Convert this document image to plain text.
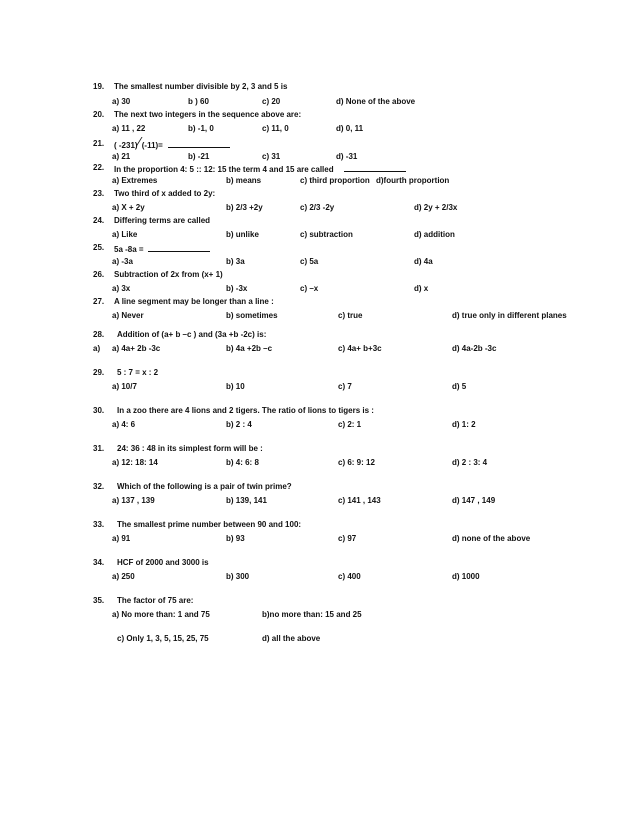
19. The smallest number divisible by 2, 3 and 5 is
a) 30	b ) 60	c) 20	d) None of the above
20. The next two integers in the sequence above are:
a) 11 , 22	b) -1, 0	c) 11, 0	d) 0, 11
21. ( -231)⁄(-11)=
a) 21	b) -21	c) 31	d) -31
22. In the proportion 4: 5 :: 12: 15 the term 4 and 15 are called
a) Extremes	b) means	c) third proportion d)fourth proportion
23. Two third of x added to 2y:
a) X + 2y	b) 2/3 +2y	c) 2/3 -2y	d) 2y + 2/3x
24. Differing terms are called
a) Like	b) unlike	c) subtraction	d) addition
25. 5a -8a =
a) -3a	b) 3a	c) 5a	d) 4a
26. Subtraction of 2x from (x+ 1)
a) 3x	b) -3x	c) –x	d) x
27. A line segment may be longer than a line :
a) Never	b) sometimes	c) true	d) true only in different planes
28. Addition of (a+ b –c ) and (3a +b -2c) is:
a) a) 4a+ 2b -3c	b) 4a +2b –c	c) 4a+ b+3c	d) 4a-2b -3c
29. 5 : 7 = x : 2
a) 10/7	b) 10	c) 7	d) 5
30. In a zoo there are 4 lions and 2 tigers. The ratio of lions to tigers is :
a) 4: 6	b) 2 : 4	c) 2: 1	d) 1: 2
31. 24: 36 : 48 in its simplest form will be :
a) 12: 18: 14	b) 4: 6: 8	c) 6: 9: 12	d) 2 : 3: 4
32. Which of the following is a pair of twin prime?
a) 137 , 139	b) 139, 141	c) 141 , 143	d) 147 , 149
33. The smallest prime number between 90 and 100:
a) 91	b) 93	c) 97	d) none of the above
34. HCF of 2000 and 3000 is
a) 250	b) 300	c) 400	d) 1000
35. The factor of 75 are:
a) No more than: 1 and 75	b)no more than: 15 and 25
c) Only 1, 3, 5, 15, 25, 75	d) all the above
